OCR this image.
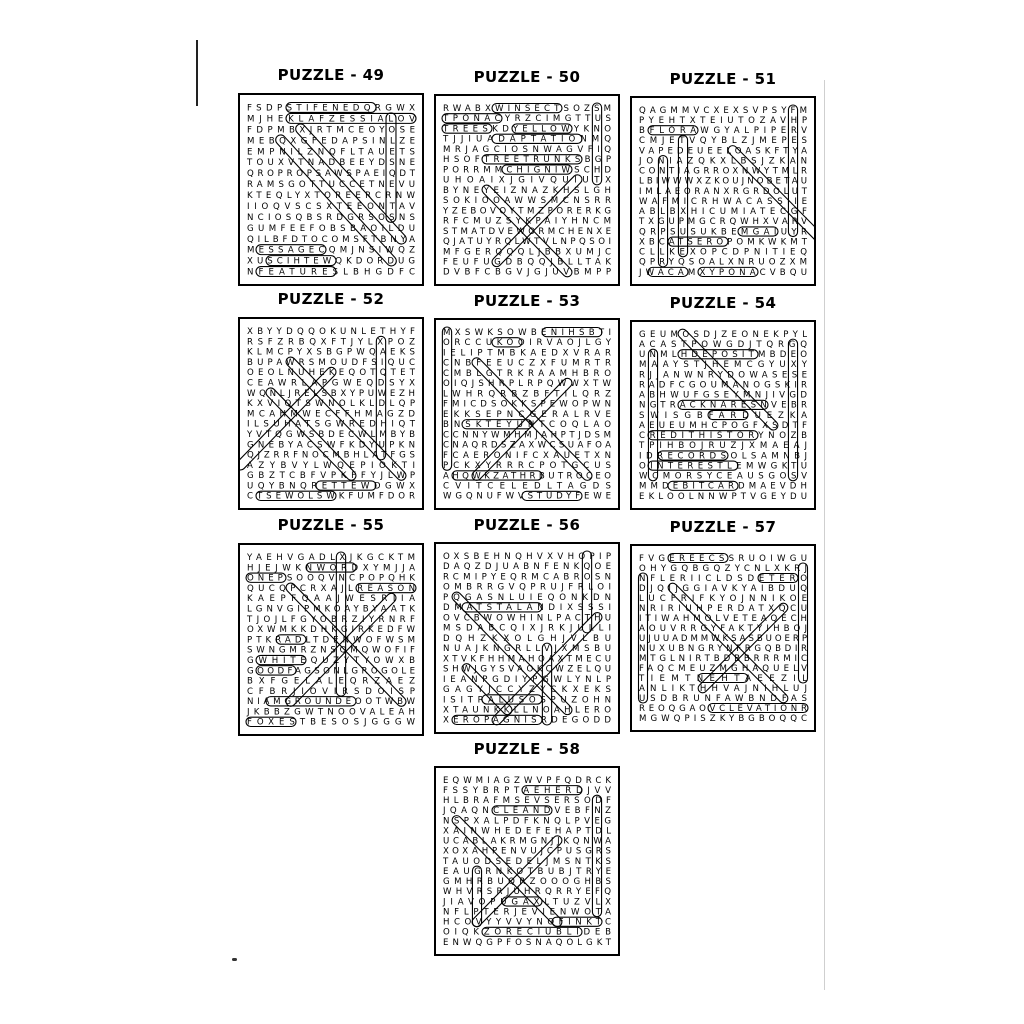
PUZZLE - 49
FSDPSTIFENEDQRGWX
MJHEKLAFZESSIALOV
FDPMBXJRTMCEOYOSE
MEBQXGFEDAPSINLZE
EMPNILZNQFLTAUETS
TOUXVTNADBEEYDSNE
QROPROPSAWSPAEIQDT
RAMSGOTTUCCETNEVU
KTEQLYXTOREERCRNW
IIOQVSCSXTEEONTAV
NCIOSQBSRDGRSOSNS
GUMFEEFOBSBAOILDU
QILBFDTOCOMSFTBNYA
MESSAGECQMJNSIWQZ
XUSCIHTEWQKDORDUG
NFEATURESLBHGDFC
PUZZLE - 50
RWABXWINSECTSOZSM
TPONACYRZCIMGTTUS
TREESKDYELLOWYKNO
TJJIUADAPTATIONMQ
MRJAGCIOSNWAGVFIQ
HSOFTREETRUNKSBGP
PORRMMCHIGNIWSCHD
UHOAIXJGIVQUIUTX
BYNEYEIZNAZKHSLGH
SOKIOOAWWSMCNSRR
YZEBOVOYTMZPORERKG
RFCMUZSYKPAIYHNCM
STMATDVEWORMCHENXE
QJATUYRQLWTVLNPQSOI
MFGERQQQLJBBXUMJC
FEUFUGDBQQJBLLTAK
DVBFCBGVJGJUVBMPP
PUZZLE - 51
QAGMMVCXEXSVPSYFM
PYEHTXTEIUTOZAVHP
BFLORAWGYALPIPERV
CMJETVQYBLZJMEPES
VAPEDEUEELOASKFTYA
JONIAZQKXLBSJZKAN
CONTIAGRROXNWYTMLR
LBIWWWXZKOUJNOBETAU
IMLAEORANXRGRDOLUT
WAFMICRHWACASSIIE
ABLBXHICUMIATECGF
TXGUPMGCRQWHXVARV
QRPSUSUKBEMGAIUYR
XBCATSEROPOMKWKMT
CLLKEXOPCDPNITIEQ
QPRYQSOALXNRUOZXM
JWACAMXYPONACVBQU
PUZZLE - 52
XBYYDQQOKUNLETHYF
RSFZRBQXFTJYLXPOZ
KLMCPYXSBGPWQAEKS
BUPAWRSMOUDFSIQUC
OEOLNUHEKEQOTQTET
CEAWRLAPGWEQDSYX
WQNLJRELSBXYPUWEZH
KXVIQTSWNOLKLDLQP
MCAHMWECFFHMAGZD
ILSUHATSGWREDHIQT
YVTQGWSBDECWLMBYB
GNEBYACSWFKDYUPKN
QJZRRFNOCMBHLATFGS
AZYBVYLWQEPIOKTI
GBZTCBFVPKFFYJLWP
UQYBNQRETTEWDGWX
CTSEWOLSWKFUMFDOR
PUZZLE - 53
MXSWKSOWBENIHSBTI
ORCCUKOOIRVAOJLGY
IELIPTMBKAEDXVRAR
CNBFEEUCZXFUMRTR
CMBLGTRKRAAMHBRO
OIQJSHRPLRPQWWXTW
LWHRQRBZBFTILQRZ
FMICDSOKKSPEWOPWN
EKKSEPNCGERALRVE
BNSKTEYUNTCOQLAO
CCNNYWMHMJAHPTJDSM
CNAQRDSZAXWCSUAFOA
FCAERONIFCXAUETXN
PCKXYRRRCPOTGCUS
AHQWKZATHRBUTROCEO
CVITCELEDLTAGDS
WGQNUFWVSTUDYFEWE
PUZZLE - 54
GEUMOSDJZEONEKPYL
ACASTPOWGDJTQRGQ
UNMLHDEPOSITMBDEO
MAAYSTJHEMCGYUXY
RJJANWNRYDOWASESE
RADFCGOUMANOGSKIR
ABHWUFGSEYMNJIVGD
NGTRACKNARESNVEBR
SWISGBFARDUEZKA
AEUEUMHCPOGFXSDTF
CREDITHISTORYNOZB
TPIHBOJRUZJXMAEAJ
IDRECORDSOLSAMNBJ
OINTERESTLEMWGKTU
WCMORSYCEAUSGOSV
MMDEBITCARDMAEVDH
EKLOOLNNWPTVGEYDU
PUZZLE - 55
YAEHVGADLXJKGCKTM
HJEJWKNWORDXYMJJA
ONEPSOOQVNCPOPQHK
QUCQPCRXAJLREASON
KAEPFQAAJWESRIIA
LGNVGIPMKOAYBYAATK
TJOJLFGYOBRZIYRNRF
OXWMKKDHKGIRKEDFW
PTKRADLTDENWOFWSM
SWNGMRZNSQMQWOFIF
GWHITEQUZYTYOWXB
GOODFAGSONLGROGOLE
BXFGELALEQRZAEZ
CFBRJIOVIRSDOISP
NIAMGROUNDEOOTWBW
JKBBZGWTNOOVALEAH
FOXESTBESOSJGGGW
PUZZLE - 56
OXSBEHNQHVXVHOPIP
DAQZDJUABNFENKQOE
RCMIPYEQRMCABROSN
OMBRRGVQPRUJFRLOI
PQGASNLUIEQONKDN
DMATSTALANDIXSSSI
OVCBWOWHINLPACTHU
MSDABCQIXJRKJULLI
DQHZKXOLGHJVLBU
NUAJKNGRLLVJXMSBU
XTVKFHHMAHOAXTMECU
SHWJGYSVAOKCWZELQU
IEANPGDIYPGWLYNLP
GAGYJCCYZYCKXEKS
ISITRALUSOSPUZOHN
XTAUNKKLLNOAHLERO
XEROPAGNISRDEGODD
PUZZLE - 57
FVGEREECSSRUOIWGU
OHYGQBGQZYCNLXKRJ
NFLERIICLDSDETERO
DJQIJGGIAVKYAIBDUQ
LUCFRIFKYOJNNIKOE
NRIRIUHPERDATXQCU
ITIWAHMOLVETEAQECH
AOUVRRGYFAKTYIHBOJ
UJUUADMMWKSASBUOERP
NUXUBNGRYNFRGQBDIR
MTGLNIRTBDBBRRRMIC
FAQCMEUZMGHAQUELV
TIEMTNEHTAEEZIL
ANLIKTHHVAJNIHLUJ
USDBRUNFAWBNDFAS
REOQGAOVCLEVATIONR
MGWQPISZKYBGBOQQC
PUZZLE - 58
EQWMIAGZWVPFQDRCK
FSSYBRPTAEHERDJVV
HLBRAFMSEVSERSODF
JQAQNCLEANDVEBFNZ
NSPXALPDFKNQLPVEG
XAINWHEDEFEHAPTDL
UCABLAKRMGNJJKQNWA
XOXAHPENVUJCPUSGRS
TAUODSEDELJMSNTKS
EAUGRNKOTBUBJTRYE
GMHRBUQRZOOOGHBS
WHVRSRJUHRQRRYEFQ
JIAVOPUGAXLTUZVLX
NFLPTERJEVIENWOTA
HCOVYYVVYNOFINKTC
OIQKZORECIUBLIDEB
ENWQGPFOSNAQOLGKT
